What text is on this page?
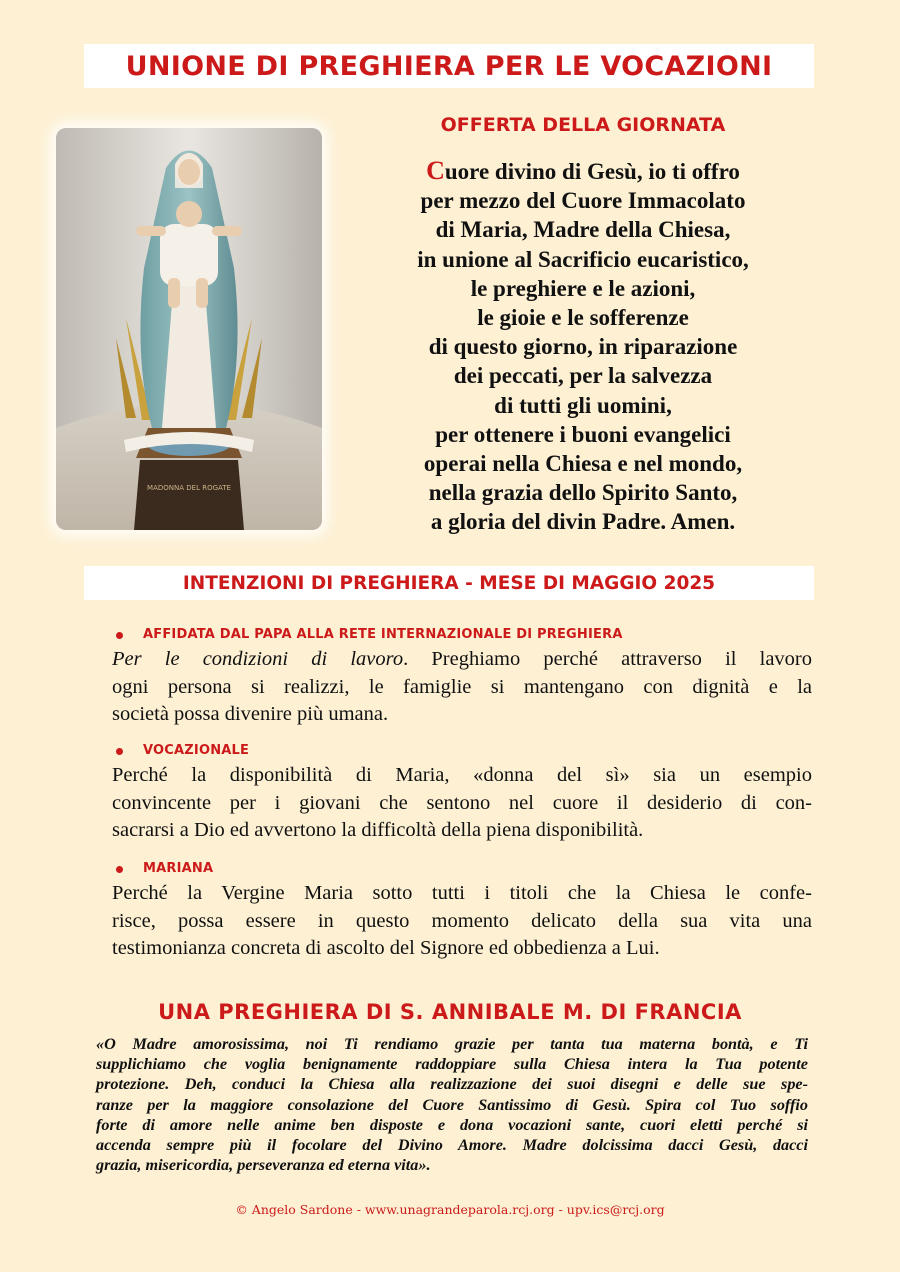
UNIONE DI PREGHIERA PER LE VOCAZIONI
MADONNA DEL ROGATE
OFFERTA DELLA GIORNATA
Cuore divino di Gesù, io ti offro
per mezzo del Cuore Immacolato
di Maria, Madre della Chiesa,
in unione al Sacrificio eucaristico,
le preghiere e le azioni,
le gioie e le sofferenze
di questo giorno, in riparazione
dei peccati, per la salvezza
di tutti gli uomini,
per ottenere i buoni evangelici
operai nella Chiesa e nel mondo,
nella grazia dello Spirito Santo,
a gloria del divin Padre. Amen.
INTENZIONI DI PREGHIERA - MESE DI MAGGIO 2025
AFFIDATA DAL PAPA ALLA RETE INTERNAZIONALE DI PREGHIERA
Per le condizioni di lavoro. Preghiamo perché attraverso il lavoro
ogni persona si realizzi, le famiglie si mantengano con dignità e la
società possa divenire più umana.
VOCAZIONALE
Perché la disponibilità di Maria, «donna del sì» sia un esempio
convincente per i giovani che sentono nel cuore il desiderio di con-
sacrarsi a Dio ed avvertono la difficoltà della piena disponibilità.
MARIANA
Perché la Vergine Maria sotto tutti i titoli che la Chiesa le confe-
risce, possa essere in questo momento delicato della sua vita una
testimonianza concreta di ascolto del Signore ed obbedienza a Lui.
UNA PREGHIERA DI S. ANNIBALE M. DI FRANCIA
«O Madre amorosissima, noi Ti rendiamo grazie per tanta tua materna bontà, e Ti
supplichiamo che voglia benignamente raddoppiare sulla Chiesa intera la Tua potente
protezione. Deh, conduci la Chiesa alla realizzazione dei suoi disegni e delle sue spe-
ranze per la maggiore consolazione del Cuore Santissimo di Gesù. Spira col Tuo soffio
forte di amore nelle anime ben disposte e dona vocazioni sante, cuori eletti perché si
accenda sempre più il focolare del Divino Amore. Madre dolcissima dacci Gesù, dacci
grazia, misericordia, perseveranza ed eterna vita».
© Angelo Sardone - www.unagrandeparola.rcj.org - upv.ics@rcj.org
